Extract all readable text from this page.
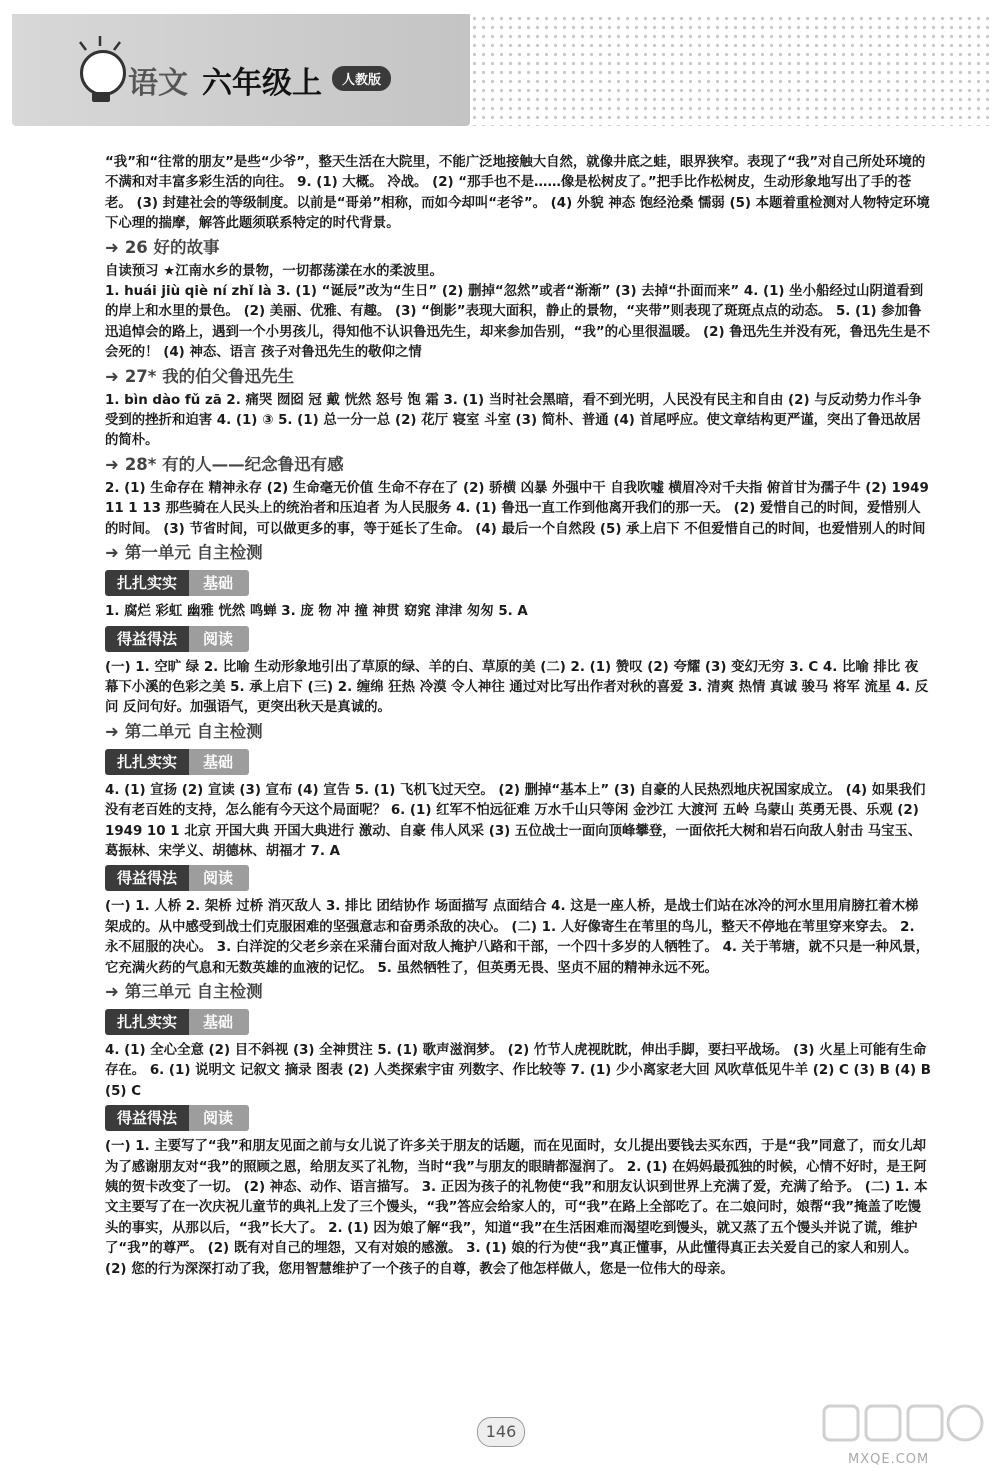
语文 六年级上	人教版

“我”和“往常的朋友”是些“少爷”，整天生活在大院里，不能广泛地接触大自然，就像井底之蛙，眼界狭窄。表现了“我”对自己所处环境的不满和对丰富多彩生活的向往。 9. (1) 大概。 冷战。 (2) “那手也不是……像是松树皮了。”把手比作松树皮，生动形象地写出了手的苍老。 (3) 封建社会的等级制度。以前是“哥弟”相称，而如今却叫“老爷”。 (4) 外貌 神态 饱经沧桑 懦弱 (5) 本题着重检测对人物特定环境下心理的揣摩，解答此题须联系特定的时代背景。

➜ 26 好的故事

自读预习 ★江南水乡的景物，一切都荡漾在水的柔波里。

1. huái jiù qiè ní zhǐ là 3. (1) “诞辰”改为“生日” (2) 删掉“忽然”或者“渐渐” (3) 去掉“扑面而来” 4. (1) 坐小船经过山阴道看到的岸上和水里的景色。 (2) 美丽、优雅、有趣。 (3) “倒影”表现大面积，静止的景物，“夹带”则表现了斑斑点点的动态。 5. (1) 参加鲁迅追悼会的路上，遇到一个小男孩儿，得知他不认识鲁迅先生，却来参加告别，“我”的心里很温暖。 (2) 鲁迅先生并没有死，鲁迅先生是不会死的！ (4) 神态、语言 孩子对鲁迅先生的敬仰之情

➜ 27* 我的伯父鲁迅先生

1. bìn dào fǔ zā 2. 痛哭 囫囵 冠 戴 恍然 怒号 饱 霜 3. (1) 当时社会黑暗，看不到光明，人民没有民主和自由 (2) 与反动势力作斗争受到的挫折和迫害 4. (1) ③ 5. (1) 总一分一总 (2) 花厅 寝室 斗室 (3) 简朴、普通 (4) 首尾呼应。使文章结构更严谨，突出了鲁迅故居的简朴。

➜ 28* 有的人——纪念鲁迅有感

2. (1) 生命存在 精神永存 (2) 生命毫无价值 生命不存在了 (2) 骄横 凶暴 外强中干 自我吹嘘 横眉冷对千夫指 俯首甘为孺子牛 (2) 1949 11 1 13 那些骑在人民头上的统治者和压迫者 为人民服务 4. (1) 鲁迅一直工作到他离开我们的那一天。 (2) 爱惜自己的时间，爱惜别人的时间。 (3) 节省时间，可以做更多的事，等于延长了生命。 (4) 最后一个自然段 (5) 承上启下 不但爱惜自己的时间，也爱惜别人的时间

➜ 第一单元 自主检测
扎扎实实	基础

1. 腐烂 彩虹 幽雅 恍然 鸣蝉 3. 庞 物 冲 撞 神贯 窈窕 津津 匆匆 5. A

得益得法	阅读

(一) 1. 空旷 绿 2. 比喻 生动形象地引出了草原的绿、羊的白、草原的美 (二) 2. (1) 赞叹 (2) 夸耀 (3) 变幻无穷 3. C 4. 比喻 排比 夜幕下小溪的色彩之美 5. 承上启下 (三) 2. 缠绵 狂热 冷漠 令人神往 通过对比写出作者对秋的喜爱 3. 清爽 热情 真诚 骏马 将军 流星 4. 反问 反问句好。加强语气，更突出秋天是真诚的。

➜ 第二单元 自主检测
扎扎实实	基础

4. (1) 宣扬 (2) 宣读 (3) 宣布 (4) 宣告 5. (1) 飞机飞过天空。 (2) 删掉“基本上” (3) 自豪的人民热烈地庆祝国家成立。 (4) 如果我们没有老百姓的支持，怎么能有今天这个局面呢？ 6. (1) 红军不怕远征难 万水千山只等闲 金沙江 大渡河 五岭 乌蒙山 英勇无畏、乐观 (2) 1949 10 1 北京 开国大典 开国大典进行 激动、自豪 伟人风采 (3) 五位战士一面向顶峰攀登，一面依托大树和岩石向敌人射击 马宝玉、葛振林、宋学义、胡德林、胡福才 7. A

得益得法	阅读

(一) 1. 人桥 2. 架桥 过桥 消灭敌人 3. 排比 团结协作 场面描写 点面结合 4. 这是一座人桥，是战士们站在冰冷的河水里用肩膀扛着木梯架成的。从中感受到战士们克服困难的坚强意志和奋勇杀敌的决心。 (二) 1. 人好像寄生在苇里的鸟儿，整天不停地在苇里穿来穿去。 2. 永不屈服的决心。 3. 白洋淀的父老乡亲在采蒲台面对敌人掩护八路和干部，一个四十多岁的人牺牲了。 4. 关于苇塘，就不只是一种风景，它充满火药的气息和无数英雄的血液的记忆。 5. 虽然牺牲了，但英勇无畏、坚贞不屈的精神永远不死。

➜ 第三单元 自主检测
扎扎实实	基础

4. (1) 全心全意 (2) 目不斜视 (3) 全神贯注 5. (1) 歌声滋润梦。 (2) 竹节人虎视眈眈，伸出手脚，要扫平战场。 (3) 火星上可能有生命存在。 6. (1) 说明文 记叙文 摘录 图表 (2) 人类探索宇宙 列数字、作比较等 7. (1) 少小离家老大回 风吹草低见牛羊 (2) C (3) B (4) B (5) C

得益得法	阅读

(一) 1. 主要写了“我”和朋友见面之前与女儿说了许多关于朋友的话题，而在见面时，女儿提出要钱去买东西，于是“我”同意了，而女儿却为了感谢朋友对“我”的照顾之恩，给朋友买了礼物，当时“我”与朋友的眼睛都湿润了。 2. (1) 在妈妈最孤独的时候，心情不好时，是王阿姨的贺卡改变了一切。 (2) 神态、动作、语言描写。 3. 正因为孩子的礼物使“我”和朋友认识到世界上充满了爱，充满了给予。 (二) 1. 本文主要写了在一次庆祝儿童节的典礼上发了三个馒头，“我”答应会给家人的，可“我”在路上全部吃了。在二娘问时，娘帮“我”掩盖了吃馒头的事实，从那以后，“我”长大了。 2. (1) 因为娘了解“我”，知道“我”在生活困难而渴望吃到馒头，就又蒸了五个馒头并说了谎，维护了“我”的尊严。 (2) 既有对自己的埋怨，又有对娘的感激。 3. (1) 娘的行为使“我”真正懂事，从此懂得真正去关爱自己的家人和别人。 (2) 您的行为深深打动了我，您用智慧维护了一个孩子的自尊，教会了他怎样做人，您是一位伟大的母亲。

146
MXQE.COM
